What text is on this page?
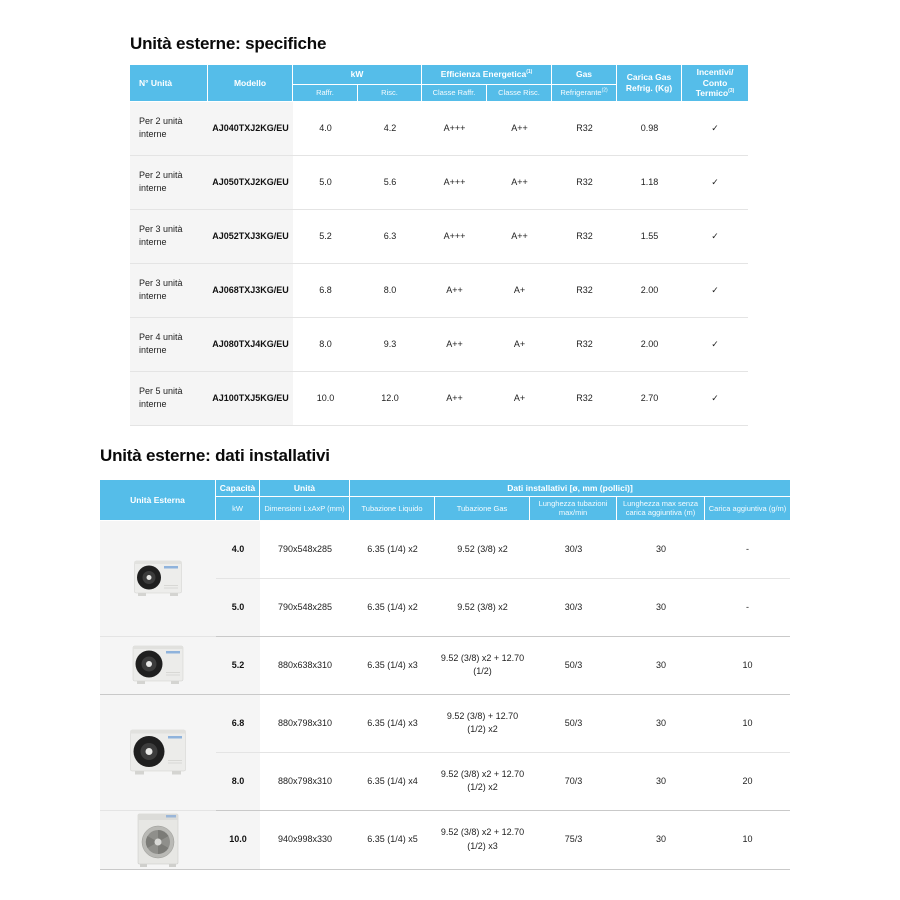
Unità esterne: specifiche
N° Unità	Modello	kW		Efficienza Energetica$^{(1)}$		Gas	Carica Gas Refrig. (Kg)	Incentivi/
Conto Termico$^{(3)}$
		Raffr.	Risc.	Classe Raffr.	Classe Risc.	Refrigerante$^{(2)}$
Per 2 unità interne	AJ040TXJ2KG/EU	4.0	4.2	A+++	A++	R32	0.98	✓
Per 2 unità interne	AJ050TXJ2KG/EU	5.0	5.6	A+++	A++	R32	1.18	✓
Per 3 unità interne	AJ052TXJ3KG/EU	5.2	6.3	A+++	A++	R32	1.55	✓
Per 3 unità interne	AJ068TXJ3KG/EU	6.8	8.0	A++	A+	R32	2.00	✓
Per 4 unità interne	AJ080TXJ4KG/EU	8.0	9.3	A++	A+	R32	2.00	✓
Per 5 unità interne	AJ100TXJ5KG/EU	10.0	12.0	A++	A+	R32	2.70	✓
Unità esterne: dati installativi
Unità Esterna	Capacità	Unità	Dati installativi [ø, mm (pollici)]				
	kW	Dimensioni LxAxP (mm)	Tubazione Liquido	Tubazione Gas	Lunghezza tubazioni max/min	Lunghezza max senza carica aggiuntiva (m)	Carica aggiuntiva (g/m)

	4.0	790x548x285	6.35 (1/4) x2	9.52 (3/8) x2	30/3	30	-
	5.0	790x548x285	6.35 (1/4) x2	9.52 (3/8) x2	30/3	30	-

	5.2	880x638x310	6.35 (1/4) x3	9.52 (3/8) x2 + 12.70 (1/2)	50/3	30	10

	6.8	880x798x310	6.35 (1/4) x3	9.52 (3/8) + 12.70 (1/2) x2	50/3	30	10
	8.0	880x798x310	6.35 (1/4) x4	9.52 (3/8) x2 + 12.70 (1/2) x2	70/3	30	20

	10.0	940x998x330	6.35 (1/4) x5	9.52 (3/8) x2 + 12.70 (1/2) x3	75/3	30	10
